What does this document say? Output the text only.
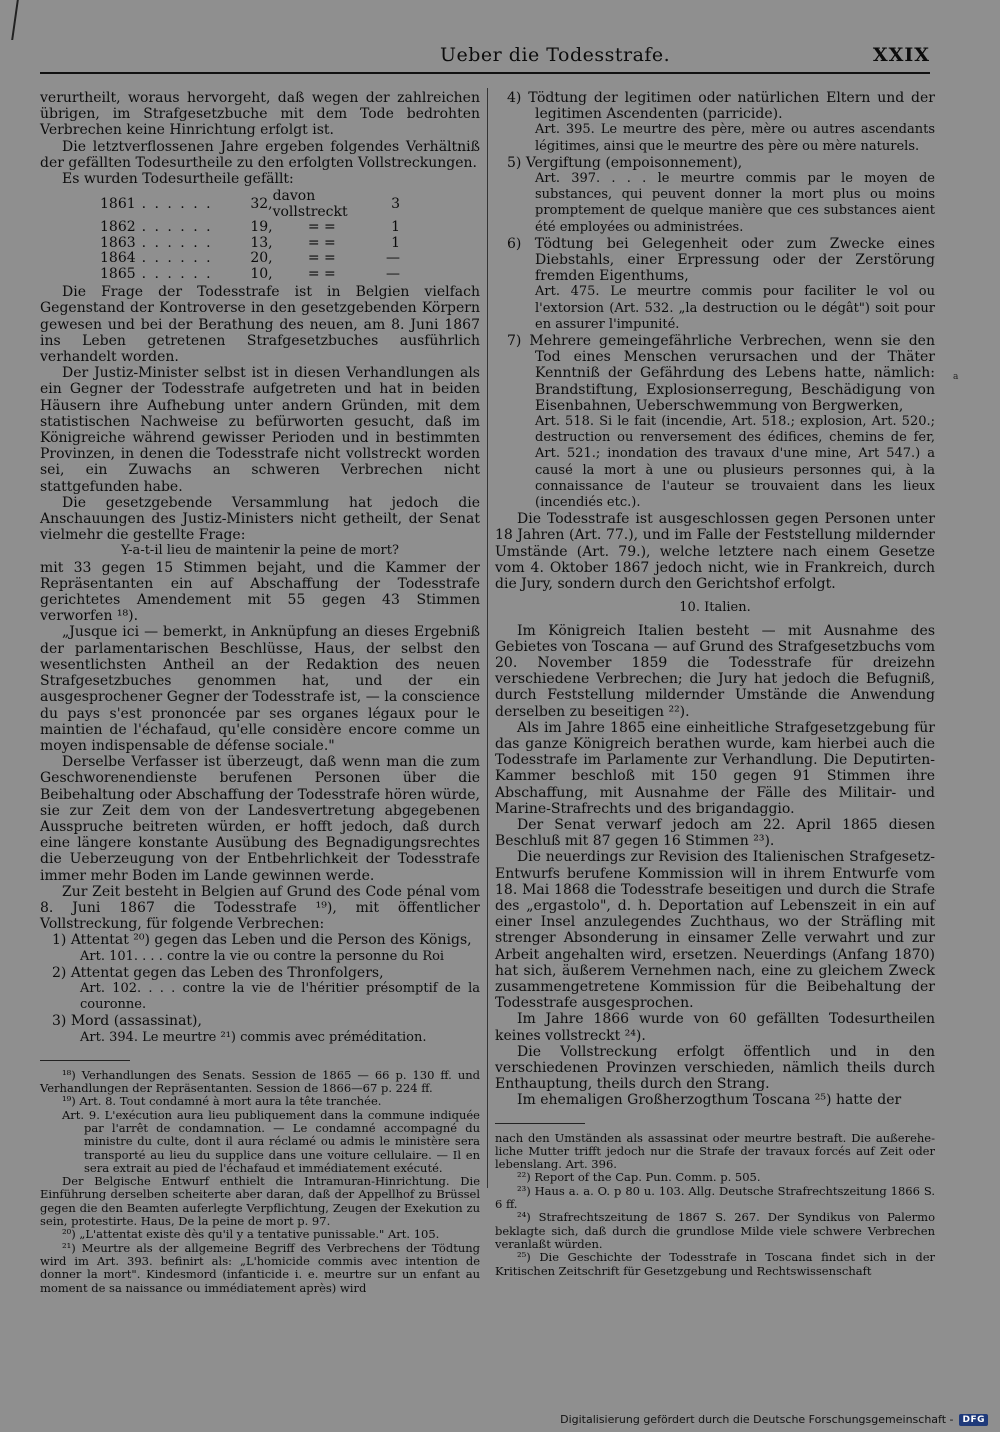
Ueber die Todesstrafe.	XXIX

verurtheilt, woraus hervorgeht, daß wegen der zahlreichen übrigen, im Strafgesetzbuche mit dem Tode bedrohten Verbrechen keine Hinrichtung erfolgt ist.

Die letztverflossenen Jahre ergeben folgendes Verhältniß der gefällten Todesurtheile zu den erfolgten Vollstreckungen.

Es wurden Todesurtheile gefällt:

1861	. . . . . .	32,	davon vollstreckt	3
1862	. . . . . .	19,	= =	1
1863	. . . . . .	13,	= =	1
1864	. . . . . .	20,	= =	—
1865	. . . . . .	10,	= =	—

Die Frage der Todesstrafe ist in Belgien vielfach Gegenstand der Kontroverse in den gesetzgebenden Körpern gewesen und bei der Berathung des neuen, am 8. Juni 1867 ins Leben getretenen Strafgesetzbuches ausführlich verhandelt worden.

Der Justiz-Minister selbst ist in diesen Verhandlungen als ein Gegner der Todesstrafe aufgetreten und hat in beiden Häusern ihre Aufhebung unter andern Gründen, mit dem statistischen Nachweise zu befürworten gesucht, daß im Königreiche während gewisser Perioden und in bestimmten Provinzen, in denen die Todesstrafe nicht vollstreckt worden sei, ein Zuwachs an schweren Verbrechen nicht stattgefunden habe.

Die gesetzgebende Versammlung hat jedoch die Anschauungen des Justiz-Ministers nicht getheilt, der Senat vielmehr die gestellte Frage:

Y-a-t-il lieu de maintenir la peine de mort?

mit 33 gegen 15 Stimmen bejaht, und die Kammer der Repräsentanten ein auf Abschaffung der Todesstrafe gerichtetes Amendement mit 55 gegen 43 Stimmen verworfen ¹⁸).

„Jusque ici — bemerkt, in Anknüpfung an dieses Ergebniß der parlamentarischen Beschlüsse, Haus, der selbst den wesentlichsten Antheil an der Redaktion des neuen Strafgesetzbuches genommen hat, und der ein ausgesprochener Gegner der Todesstrafe ist, — la conscience du pays s'est prononcée par ses organes légaux pour le maintien de l'échafaud, qu'elle considère encore comme un moyen indispensable de défense sociale."

Derselbe Verfasser ist überzeugt, daß wenn man die zum Geschworenendienste berufenen Personen über die Beibehaltung oder Abschaffung der Todesstrafe hören würde, sie zur Zeit dem von der Landesvertretung abgegebenen Ausspruche beitreten würden, er hofft jedoch, daß durch eine längere konstante Ausübung des Begnadigungsrechtes die Ueberzeugung von der Entbehrlichkeit der Todesstrafe immer mehr Boden im Lande gewinnen werde.

Zur Zeit besteht in Belgien auf Grund des Code pénal vom 8. Juni 1867 die Todesstrafe ¹⁹), mit öffentlicher Vollstreckung, für folgende Verbrechen:

1) Attentat ²⁰) gegen das Leben und die Person des Königs,

Art. 101. . . . contre la vie ou contre la personne du Roi

2) Attentat gegen das Leben des Thronfolgers,

Art. 102. . . . contre la vie de l'héritier présomptif de la couronne.

3) Mord (assassinat),

Art. 394. Le meurtre ²¹) commis avec préméditation.

¹⁸) Verhandlungen des Senats. Session de 1865 — 66 p. 130 ff. und Verhandlungen der Repräsentanten. Session de 1866—67 p. 224 ff.

¹⁹) Art. 8. Tout condamné à mort aura la tête tranchée.

Art. 9. L'exécution aura lieu publiquement dans la commune indiquée par l'arrêt de condamnation. — Le condamné accompagné du ministre du culte, dont il aura réclamé ou admis le ministère sera transporté au lieu du supplice dans une voiture cellulaire. — Il en sera extrait au pied de l'échafaud et immédiatement exécuté.

Der Belgische Entwurf enthielt die Intramuran-Hinrichtung. Die Einführung derselben scheiterte aber daran, daß der Appellhof zu Brüssel gegen die den Beamten auferlegte Verpflichtung, Zeugen der Exekution zu sein, protestirte. Haus, De la peine de mort p. 97.

²⁰) „L'attentat existe dès qu'il y a tentative punissable." Art. 105.

²¹) Meurtre als der allgemeine Begriff des Verbrechens der Tödtung wird im Art. 393. befinirt als: „L'homicide commis avec intention de donner la mort". Kindesmord (infanticide i. e. meurtre sur un enfant au moment de sa naissance ou immédiatement après) wird

4) Tödtung der legitimen oder natürlichen Eltern und der legitimen Ascendenten (parricide).

Art. 395. Le meurtre des père, mère ou autres ascendants légitimes, ainsi que le meurtre des père ou mère naturels.

5) Vergiftung (empoisonnement),

Art. 397. . . . le meurtre commis par le moyen de substances, qui peuvent donner la mort plus ou moins promptement de quelque manière que ces substances aient été employées ou administrées.

6) Tödtung bei Gelegenheit oder zum Zwecke eines Diebstahls, einer Erpressung oder der Zerstörung fremden Eigenthums,

Art. 475. Le meurtre commis pour faciliter le vol ou l'extorsion (Art. 532. „la destruction ou le dégât") soit pour en assurer l'impunité.

7) Mehrere gemeingefährliche Verbrechen, wenn sie den Tod eines Menschen verursachen und der Thäter Kenntniß der Gefährdung des Lebens hatte, nämlich: Brandstiftung, Explosionserregung, Beschädigung von Eisenbahnen, Ueberschwemmung von Bergwerken,

Art. 518. Si le fait (incendie, Art. 518.; explosion, Art. 520.; destruction ou renversement des édifices, chemins de fer, Art. 521.; inondation des travaux d'une mine, Art 547.) a causé la mort à une ou plusieurs personnes qui, à la connaissance de l'auteur se trouvaient dans les lieux (incendiés etc.).

Die Todesstrafe ist ausgeschlossen gegen Personen unter 18 Jahren (Art. 77.), und im Falle der Feststellung mildernder Umstände (Art. 79.), welche letztere nach einem Gesetze vom 4. Oktober 1867 jedoch nicht, wie in Frankreich, durch die Jury, sondern durch den Gerichtshof erfolgt.

10. Italien.

Im Königreich Italien besteht — mit Ausnahme des Gebietes von Toscana — auf Grund des Strafgesetzbuchs vom 20. November 1859 die Todesstrafe für dreizehn verschiedene Verbrechen; die Jury hat jedoch die Befugniß, durch Feststellung mildernder Umstände die Anwendung derselben zu beseitigen ²²).

Als im Jahre 1865 eine einheitliche Strafgesetzgebung für das ganze Königreich berathen wurde, kam hierbei auch die Todesstrafe im Parlamente zur Verhandlung. Die Deputirten-Kammer beschloß mit 150 gegen 91 Stimmen ihre Abschaffung, mit Ausnahme der Fälle des Militair- und Marine-Strafrechts und des brigandaggio.

Der Senat verwarf jedoch am 22. April 1865 diesen Beschluß mit 87 gegen 16 Stimmen ²³).

Die neuerdings zur Revision des Italienischen Strafgesetz-Entwurfs berufene Kommission will in ihrem Entwurfe vom 18. Mai 1868 die Todesstrafe beseitigen und durch die Strafe des „ergastolo", d. h. Deportation auf Lebenszeit in ein auf einer Insel anzulegendes Zuchthaus, wo der Sträfling mit strenger Absonderung in einsamer Zelle verwahrt und zur Arbeit angehalten wird, ersetzen. Neuerdings (Anfang 1870) hat sich, äußerem Vernehmen nach, eine zu gleichem Zweck zusammengetretene Kommission für die Beibehaltung der Todesstrafe ausgesprochen.

Im Jahre 1866 wurde von 60 gefällten Todesurtheilen keines vollstreckt ²⁴).

Die Vollstreckung erfolgt öffentlich und in den verschiedenen Provinzen verschieden, nämlich theils durch Enthauptung, theils durch den Strang.

Im ehemaligen Großherzogthum Toscana ²⁵) hatte der

nach den Umständen als assassinat oder meurtre bestraft. Die außerehe-liche Mutter trifft jedoch nur die Strafe der travaux forcés auf Zeit oder lebenslang. Art. 396.

²²) Report of the Cap. Pun. Comm. p. 505.

²³) Haus a. a. O. p 80 u. 103. Allg. Deutsche Strafrechtszeitung 1866 S. 6 ff.

²⁴) Strafrechtszeitung de 1867 S. 267. Der Syndikus von Palermo beklagte sich, daß durch die grundlose Milde viele schwere Verbrechen veranlaßt würden.

²⁵) Die Geschichte der Todesstrafe in Toscana findet sich in der Kritischen Zeitschrift für Gesetzgebung und Rechtswissenschaft

a
Digitalisierung gefördert durch die Deutsche Forschungsgemeinschaft -	DFG
